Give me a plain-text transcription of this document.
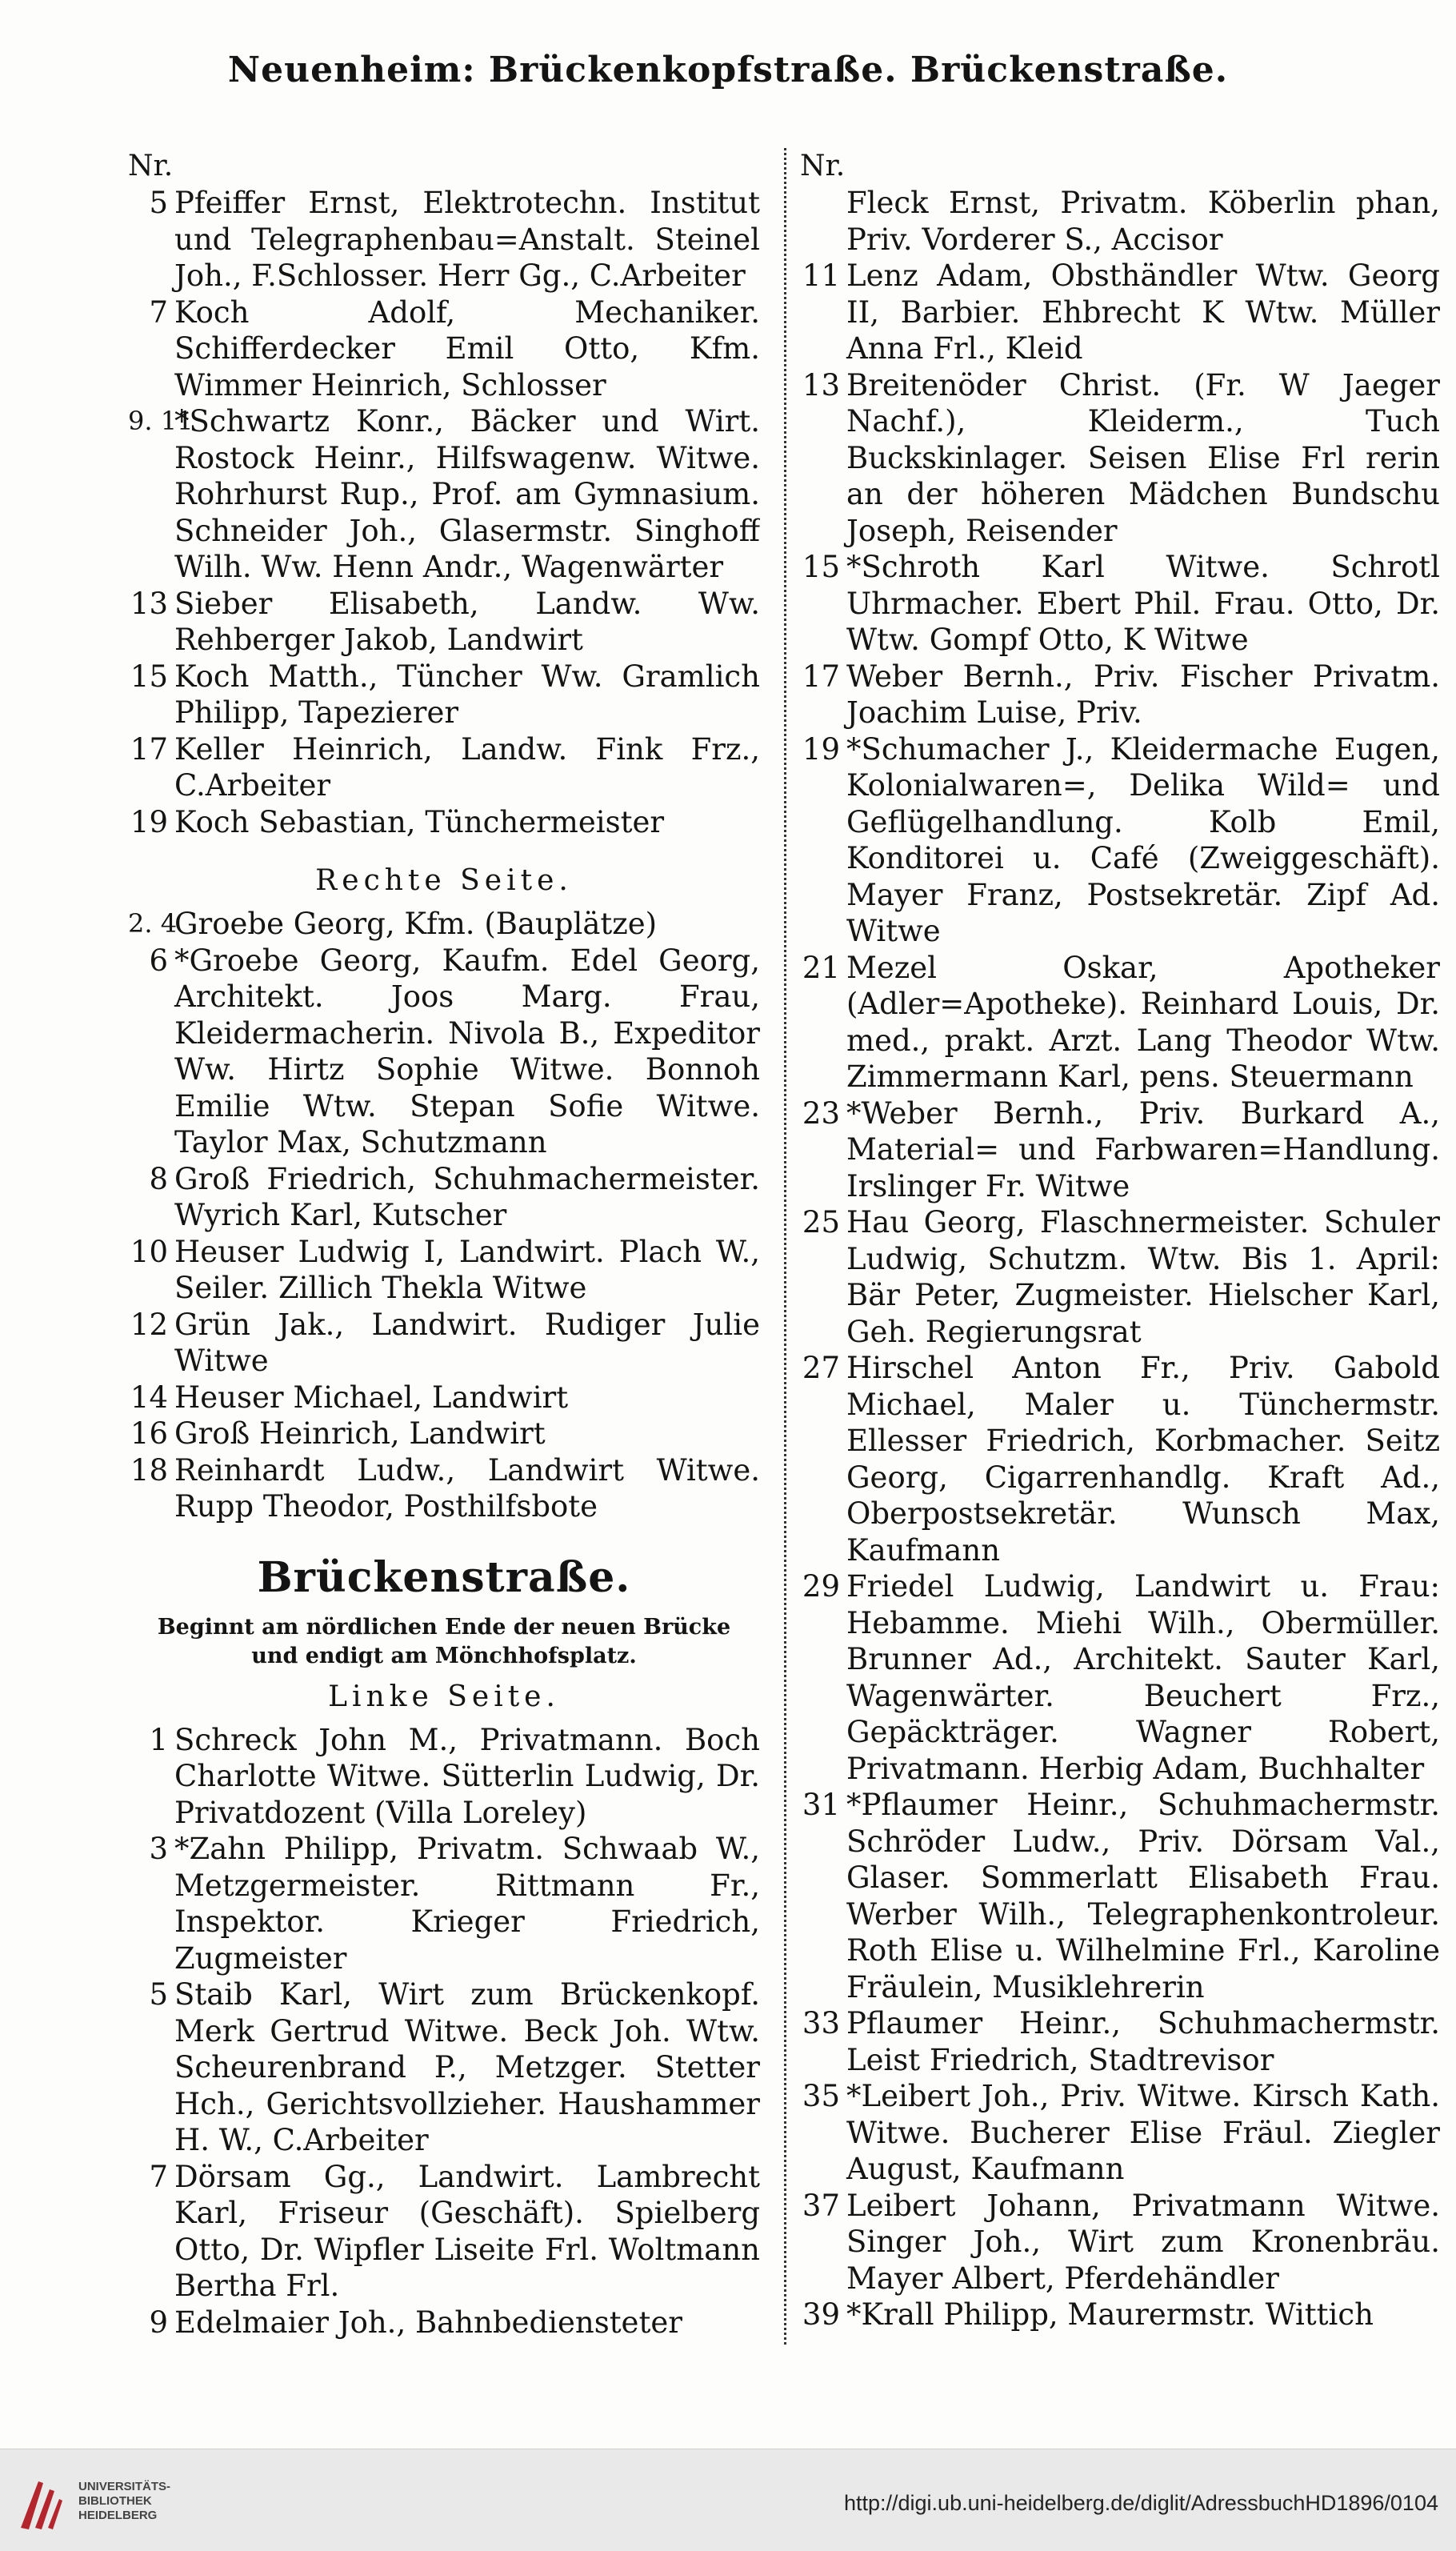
Neuenheim: Brückenkopfstraße. Brückenstraße.
Nr.
5 Pfeiffer Ernst, Elektrotechn. Institut und Telegraphenbau=Anstalt. Steinel Joh., F.Schlosser. Herr Gg., C.Arbeiter
7 Koch Adolf, Mechaniker. Schifferdecker Emil Otto, Kfm. Wimmer Heinrich, Schlosser
9. 11
*Schwartz Konr., Bäcker und Wirt. Rostock Heinr., Hilfswagenw. Witwe. Rohrhurst Rup., Prof. am Gymnasium. Schneider Joh., Glasermstr. Singhoff Wilh. Ww. Henn Andr., Wagenwärter
13 Sieber Elisabeth, Landw. Ww. Rehberger Jakob, Landwirt
15 Koch Matth., Tüncher Ww. Gramlich Philipp, Tapezierer
17 Keller Heinrich, Landw. Fink Frz., C.Arbeiter
19 Koch Sebastian, Tünchermeister
Rechte Seite.
2. 4
Groebe Georg, Kfm. (Bauplätze)
6 *Groebe Georg, Kaufm. Edel Georg, Architekt. Joos Marg. Frau, Kleidermacherin. Nivola B., Expeditor Ww. Hirtz Sophie Witwe. Bonnoh Emilie Wtw. Stepan Sofie Witwe. Taylor Max, Schutzmann
8 Groß Friedrich, Schuhmachermeister. Wyrich Karl, Kutscher
10 Heuser Ludwig I, Landwirt. Plach W., Seiler. Zillich Thekla Witwe
12 Grün Jak., Landwirt. Rudiger Julie Witwe
14 Heuser Michael, Landwirt
16 Groß Heinrich, Landwirt
18 Reinhardt Ludw., Landwirt Witwe. Rupp Theodor, Posthilfsbote
Brückenstraße.
Beginnt am nördlichen Ende der neuen Brücke und endigt am Mönchhofsplatz.
Linke Seite.
1 Schreck John M., Privatmann. Boch Charlotte Witwe. Sütterlin Ludwig, Dr. Privatdozent (Villa Loreley)
3 *Zahn Philipp, Privatm. Schwaab W., Metzgermeister. Rittmann Fr., Inspektor. Krieger Friedrich, Zugmeister
5 Staib Karl, Wirt zum Brückenkopf. Merk Gertrud Witwe. Beck Joh. Wtw. Scheurenbrand P., Metzger. Stetter Hch., Gerichtsvollzieher. Haushammer H. W., C.Arbeiter
7 Dörsam Gg., Landwirt. Lambrecht Karl, Friseur (Geschäft). Spielberg Otto, Dr. Wipfler Liseite Frl. Woltmann Bertha Frl.
9 Edelmaier Joh., Bahnbediensteter
Nr.
Fleck Ernst, Privatm. Köberlin phan, Priv. Vorderer S., Accisor
11 Lenz Adam, Obsthändler Wtw. Georg II, Barbier. Ehbrecht K Wtw. Müller Anna Frl., Kleid
13 Breitenöder Christ. (Fr. W Jaeger Nachf.), Kleiderm., Tuch Buckskinlager. Seisen Elise Frl rerin an der höheren Mädchen Bundschu Joseph, Reisender
15 *Schroth Karl Witwe. Schrotl Uhrmacher. Ebert Phil. Frau. Otto, Dr. Wtw. Gompf Otto, K Witwe
17 Weber Bernh., Priv. Fischer Privatm. Joachim Luise, Priv.
19 *Schumacher J., Kleidermache Eugen, Kolonialwaren=, Delika Wild= und Geflügelhandlung. Kolb Emil, Konditorei u. Café (Zweiggeschäft). Mayer Franz, Postsekretär. Zipf Ad. Witwe
21 Mezel Oskar, Apotheker (Adler=Apotheke). Reinhard Louis, Dr. med., prakt. Arzt. Lang Theodor Wtw. Zimmermann Karl, pens. Steuermann
23 *Weber Bernh., Priv. Burkard A., Material= und Farbwaren=Handlung. Irslinger Fr. Witwe
25 Hau Georg, Flaschnermeister. Schuler Ludwig, Schutzm. Wtw. Bis 1. April: Bär Peter, Zugmeister. Hielscher Karl, Geh. Regierungsrat
27 Hirschel Anton Fr., Priv. Gabold Michael, Maler u. Tünchermstr. Ellesser Friedrich, Korbmacher. Seitz Georg, Cigarrenhandlg. Kraft Ad., Oberpostsekretär. Wunsch Max, Kaufmann
29 Friedel Ludwig, Landwirt u. Frau: Hebamme. Miehi Wilh., Obermüller. Brunner Ad., Architekt. Sauter Karl, Wagenwärter. Beuchert Frz., Gepäckträger. Wagner Robert, Privatmann. Herbig Adam, Buchhalter
31 *Pflaumer Heinr., Schuhmachermstr. Schröder Ludw., Priv. Dörsam Val., Glaser. Sommerlatt Elisabeth Frau. Werber Wilh., Telegraphenkontroleur. Roth Elise u. Wilhelmine Frl., Karoline Fräulein, Musiklehrerin
33 Pflaumer Heinr., Schuhmachermstr. Leist Friedrich, Stadtrevisor
35 *Leibert Joh., Priv. Witwe. Kirsch Kath. Witwe. Bucherer Elise Fräul. Ziegler August, Kaufmann
37 Leibert Johann, Privatmann Witwe. Singer Joh., Wirt zum Kronenbräu. Mayer Albert, Pferdehändler
39 *Krall Philipp, Maurermstr. Wittich
UNIVERSITÄTS-
BIBLIOTHEK
HEIDELBERG
http://digi.ub.uni-heidelberg.de/diglit/AdressbuchHD1896/0104
